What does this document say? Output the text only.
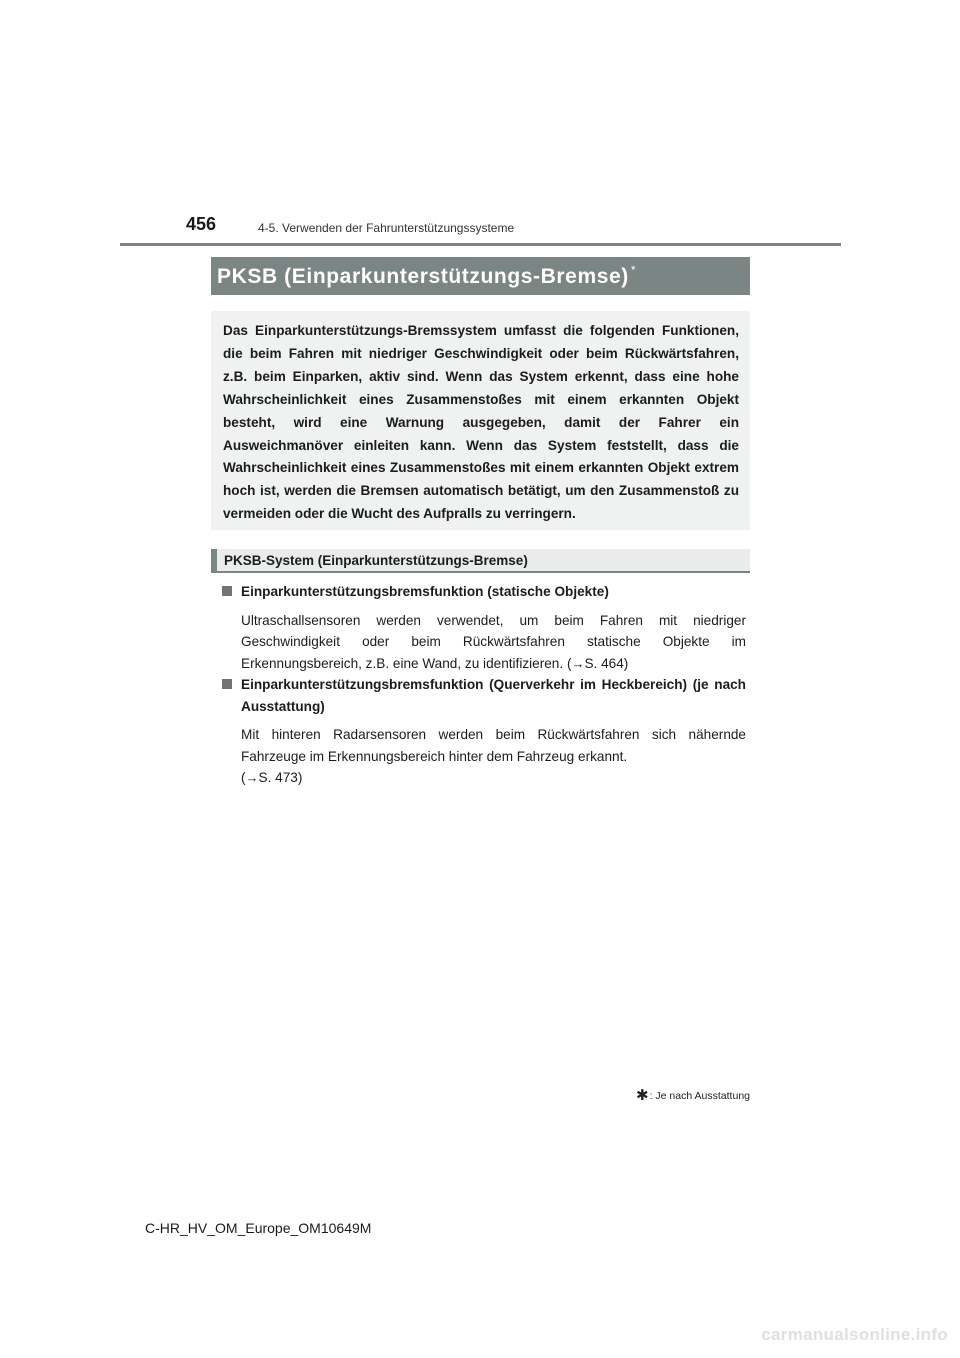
456	4-5. Verwenden der Fahrunterstützungssysteme
PKSB (Einparkunterstützungs-Bremse) *

Das Einparkunterstützungs-Bremssystem umfasst die folgenden Funktionen, die beim Fahren mit niedriger Geschwindigkeit oder beim Rückwärtsfahren, z.B. beim Einparken, aktiv sind. Wenn das System erkennt, dass eine hohe Wahrscheinlichkeit eines Zusammenstoßes mit einem erkannten Objekt besteht, wird eine Warnung ausgegeben, damit der Fahrer ein Ausweichmanöver einleiten kann. Wenn das System feststellt, dass die Wahrscheinlichkeit eines Zusammenstoßes mit einem erkannten Objekt extrem hoch ist, werden die Bremsen automatisch betätigt, um den Zusammenstoß zu vermeiden oder die Wucht des Aufpralls zu verringern.

PKSB-System (Einparkunterstützungs-Bremse)
Einparkunterstützungsbremsfunktion (statische Objekte)
Ultraschallsensoren werden verwendet, um beim Fahren mit niedriger Geschwindigkeit oder beim Rückwärtsfahren statische Objekte im Erkennungsbereich, z.B. eine Wand, zu identifizieren. (→S. 464)
Einparkunterstützungsbremsfunktion (Querverkehr im Heckbereich) (je nach Ausstattung)
Mit hinteren Radarsensoren werden beim Rückwärtsfahren sich nähernde Fahrzeuge im Erkennungsbereich hinter dem Fahrzeug erkannt.
(→S. 473)
✱ : Je nach Ausstattung
C-HR_HV_OM_Europe_OM10649M
carmanualsonline.info
